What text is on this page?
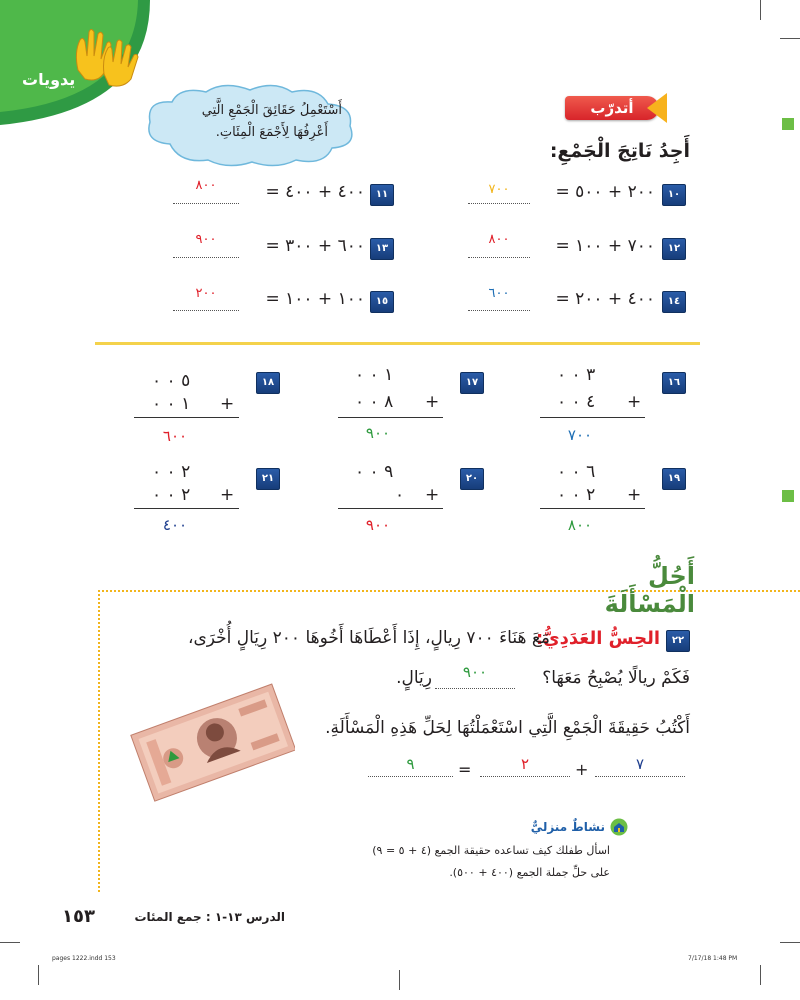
يدويات
أَسْتَعْمِلُ حَقَائِقَ الْجَمْعِ الَّتِي
أَعْرِفُهَا لِأَجْمَعَ الْمِئَاتِ.
أتدرّب
أَجِدُ نَاتِجَ الْجَمْعِ:
١٠
٢٠٠ + ٥٠٠ =
٧٠٠
١١
٤٠٠ + ٤٠٠ =
٨٠٠
١٢
٧٠٠ + ١٠٠ =
٨٠٠
١٣
٦٠٠ + ٣٠٠ =
٩٠٠
١٤
٤٠٠ + ٢٠٠ =
٦٠٠
١٥
١٠٠ + ١٠٠ =
٢٠٠
١٦
٣ ٠ ٠
٤ ٠ ٠ +
٧٠٠
١٧
١ ٠ ٠
٨ ٠ ٠ +
٩٠٠
١٨
٥ ٠ ٠
١ ٠ ٠ +
٦٠٠
١٩
٦ ٠ ٠
٢ ٠ ٠ +
٨٠٠
٢٠
٩ ٠ ٠
٠ +
٩٠٠
٢١
٢ ٠ ٠
٢ ٠ ٠ +
٤٠٠
أَحُلُّ الْمَسْأَلَةَ
٢٢
الحِسُّ العَدَدِيُّ:
مَعَ هَنَاءَ ٧٠٠ رِيالٍ، إِذَا أَعْطَاهَا أَخُوهَا ٢٠٠ رِيَالٍ أُخْرَى،
فَكَمْ ريالًا يُصْبِحُ مَعَهَا؟
٩٠٠
رِيَالٍ.
أَكْتُبُ حَقِيقَةَ الْجَمْعِ الَّتِي اسْتَعْمَلْتُهَا لِحَلِّ هَذِهِ الْمَسْأَلَةِ.
٧
+
٢
=
٩
نشاطٌ منزليٌّ
اسأل طفلك كيف تساعده حقيقة الجمع (٤ + ٥ = ٩)
على حلِّ جملة الجمع (٤٠٠ + ٥٠٠).
١٥٣	الدرس ١٣-١ : جمع المئات
pages 1222.indd 153	7/17/18 1:48 PM
